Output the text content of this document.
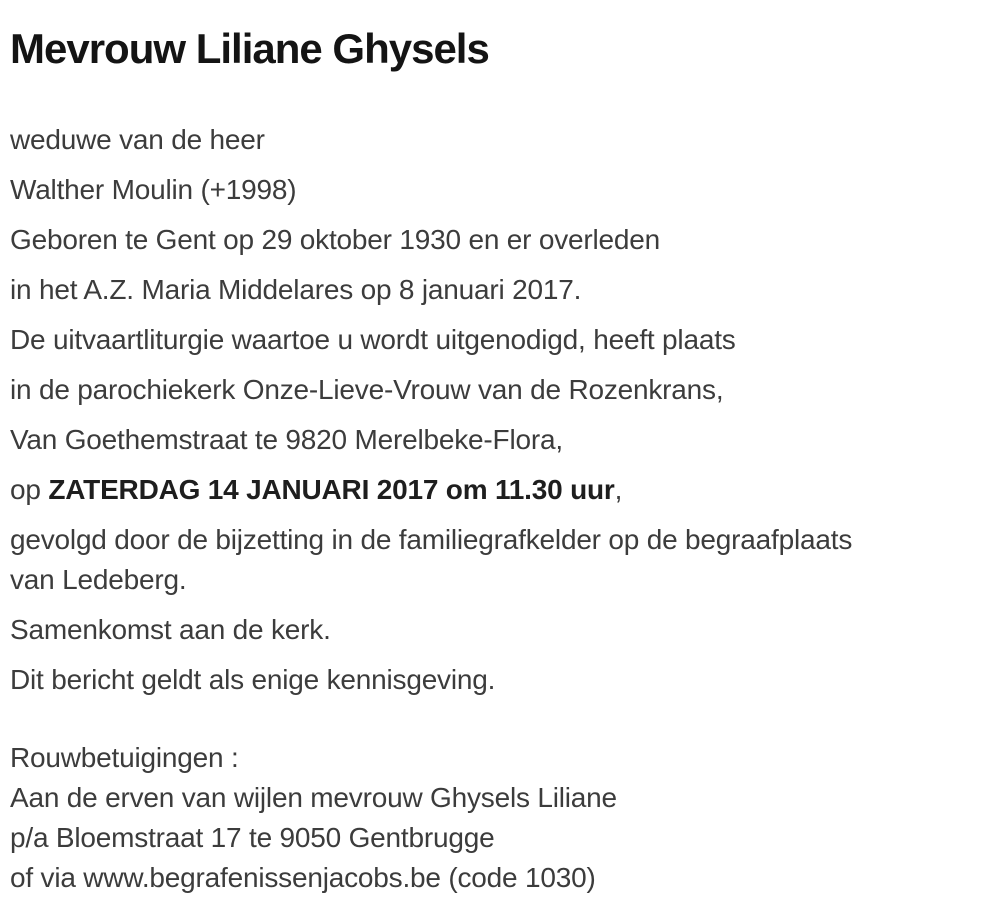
Mevrouw Liliane Ghysels
weduwe van de heer
Walther Moulin (+1998)
Geboren te Gent op 29 oktober 1930 en er overleden
in het A.Z. Maria Middelares op 8 januari 2017.
De uitvaartliturgie waartoe u wordt uitgenodigd, heeft plaats
in de parochiekerk Onze-Lieve-Vrouw van de Rozenkrans,
Van Goethemstraat te 9820 Merelbeke-Flora,
op ZATERDAG 14 JANUARI 2017 om 11.30 uur,
gevolgd door de bijzetting in de familiegrafkelder op de begraafplaats
van Ledeberg.
Samenkomst aan de kerk.
Dit bericht geldt als enige kennisgeving.
Rouwbetuigingen :
Aan de erven van wijlen mevrouw Ghysels Liliane
p/a Bloemstraat 17 te 9050 Gentbrugge
of via www.begrafenissenjacobs.be (code 1030)
